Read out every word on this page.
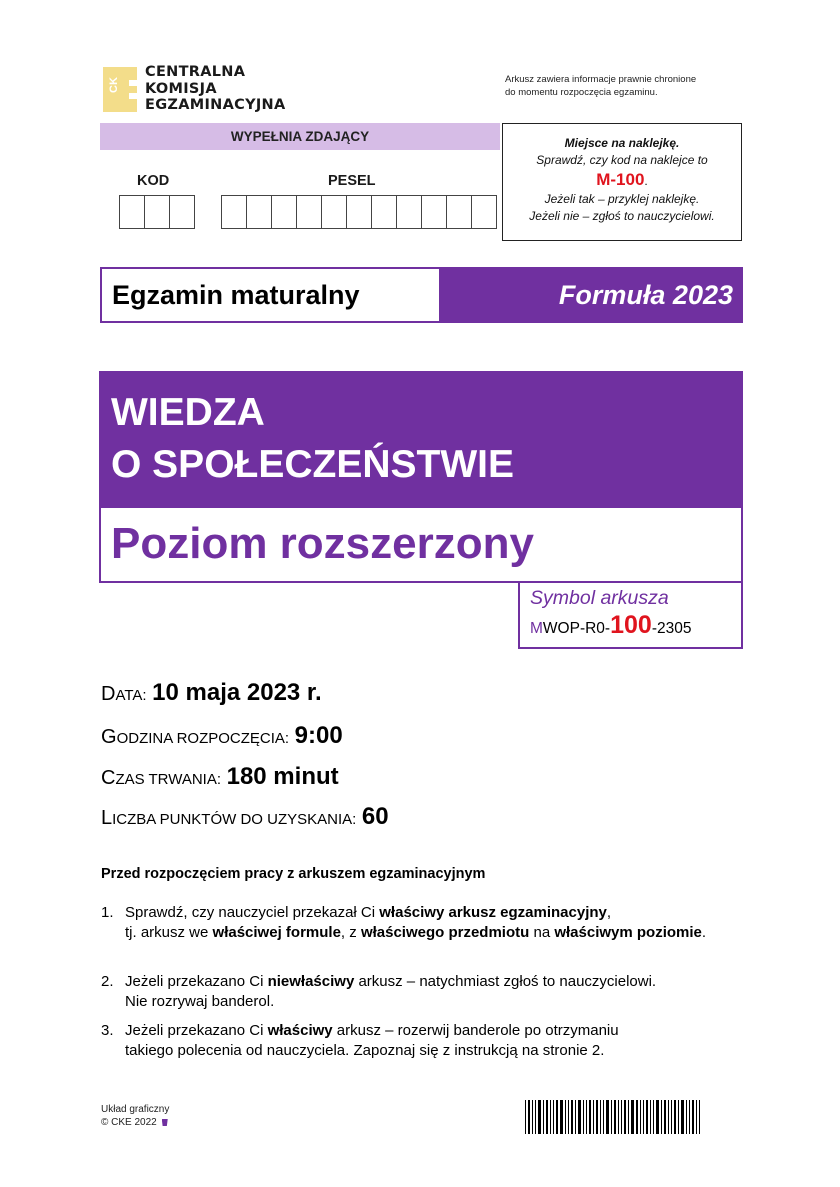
CK
CENTRALNA
KOMISJA
EGZAMINACYJNA
Arkusz zawiera informacje prawnie chronione
do momentu rozpoczęcia egzaminu.
WYPEŁNIA ZDAJĄCY
KOD	PESEL
Miejsce na naklejkę.
Sprawdź, czy kod na naklejce to
M-100.
Jeżeli tak – przyklej naklejkę.
Jeżeli nie – zgłoś to nauczycielowi.
Egzamin maturalny	Formuła 2023
WIEDZA
O SPOŁECZEŃSTWIE
Poziom rozszerzony
Symbol arkusza
MWOP-R0-100-2305
DATA: 10 maja 2023 r.
GODZINA ROZPOCZĘCIA: 9:00
CZAS TRWANIA: 180 minut
LICZBA PUNKTÓW DO UZYSKANIA: 60
Przed rozpoczęciem pracy z arkuszem egzaminacyjnym
1. Sprawdź, czy nauczyciel przekazał Ci właściwy arkusz egzaminacyjny,
tj. arkusz we właściwej formule, z właściwego przedmiotu na właściwym poziomie.
2. Jeżeli przekazano Ci niewłaściwy arkusz – natychmiast zgłoś to nauczycielowi.
Nie rozrywaj banderol.
3. Jeżeli przekazano Ci właściwy arkusz – rozerwij banderole po otrzymaniu
takiego polecenia od nauczyciela. Zapoznaj się z instrukcją na stronie 2.
Układ graficzny
© CKE 2022
